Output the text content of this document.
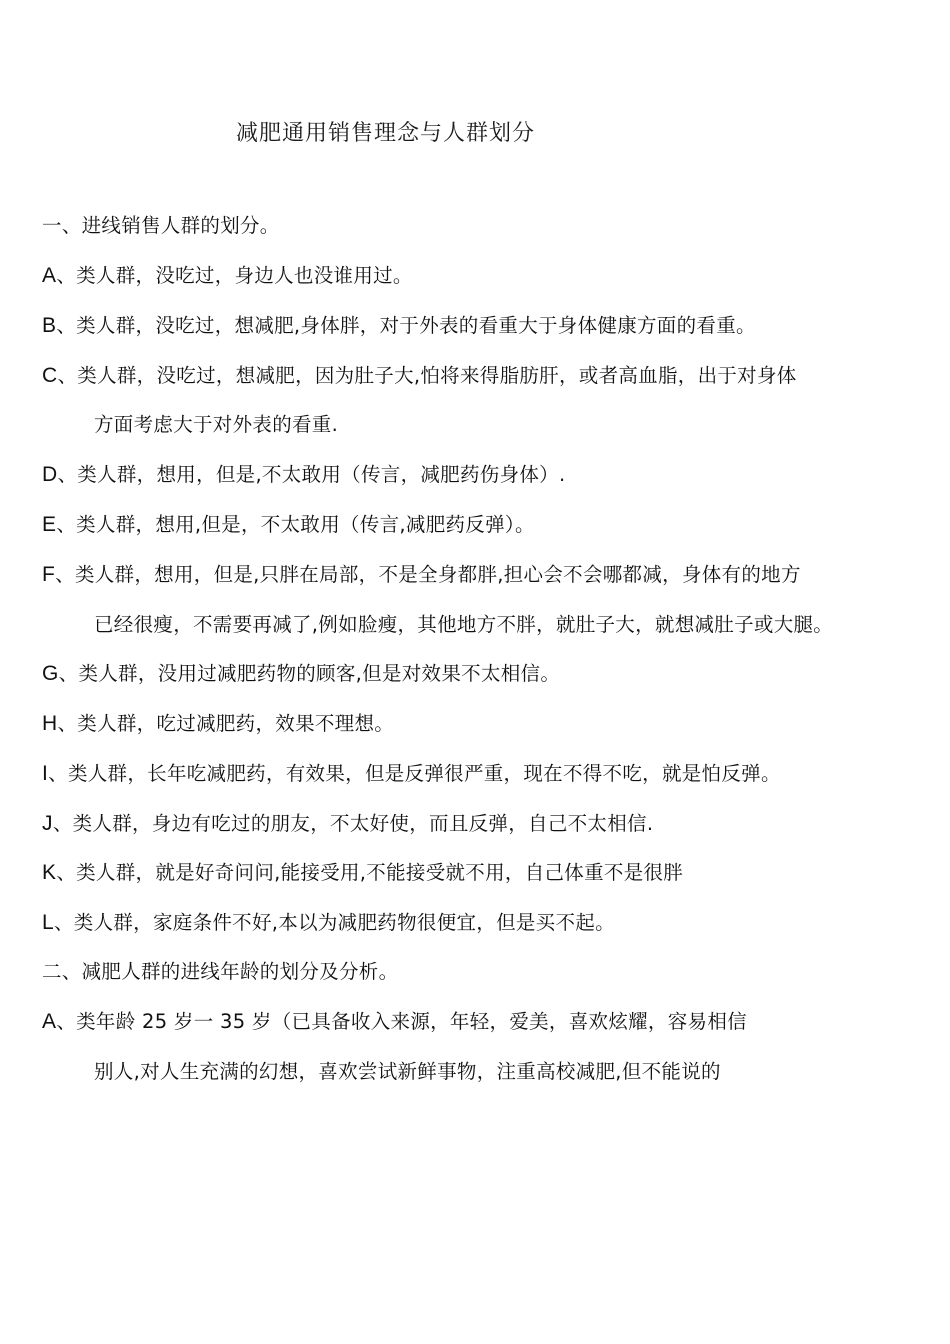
减肥通用销售理念与人群划分
一、进线销售人群的划分。
A、类人群，没吃过，身边人也没谁用过。
B、类人群，没吃过，想减肥,身体胖，对于外表的看重大于身体健康方面的看重。
C、类人群，没吃过，想减肥，因为肚子大,怕将来得脂肪肝，或者高血脂，出于对身体
方面考虑大于对外表的看重.
D、类人群，想用，但是,不太敢用（传言，减肥药伤身体）.
E、类人群，想用,但是，不太敢用（传言,减肥药反弹）。
F、类人群，想用，但是,只胖在局部，不是全身都胖,担心会不会哪都减，身体有的地方
已经很瘦，不需要再减了,例如脸瘦，其他地方不胖，就肚子大，就想减肚子或大腿。
G、类人群，没用过减肥药物的顾客,但是对效果不太相信。
H、类人群，吃过减肥药，效果不理想。
I、类人群，长年吃减肥药，有效果，但是反弹很严重，现在不得不吃，就是怕反弹。
J、类人群，身边有吃过的朋友，不太好使，而且反弹，自己不太相信.
K、类人群，就是好奇问问,能接受用,不能接受就不用，自己体重不是很胖
L、类人群，家庭条件不好,本以为减肥药物很便宜，但是买不起。
二、减肥人群的进线年龄的划分及分析。
A、类年龄 25 岁一 35 岁（已具备收入来源，年轻，爱美，喜欢炫耀，容易相信
别人,对人生充满的幻想，喜欢尝试新鲜事物，注重高校减肥,但不能说的
